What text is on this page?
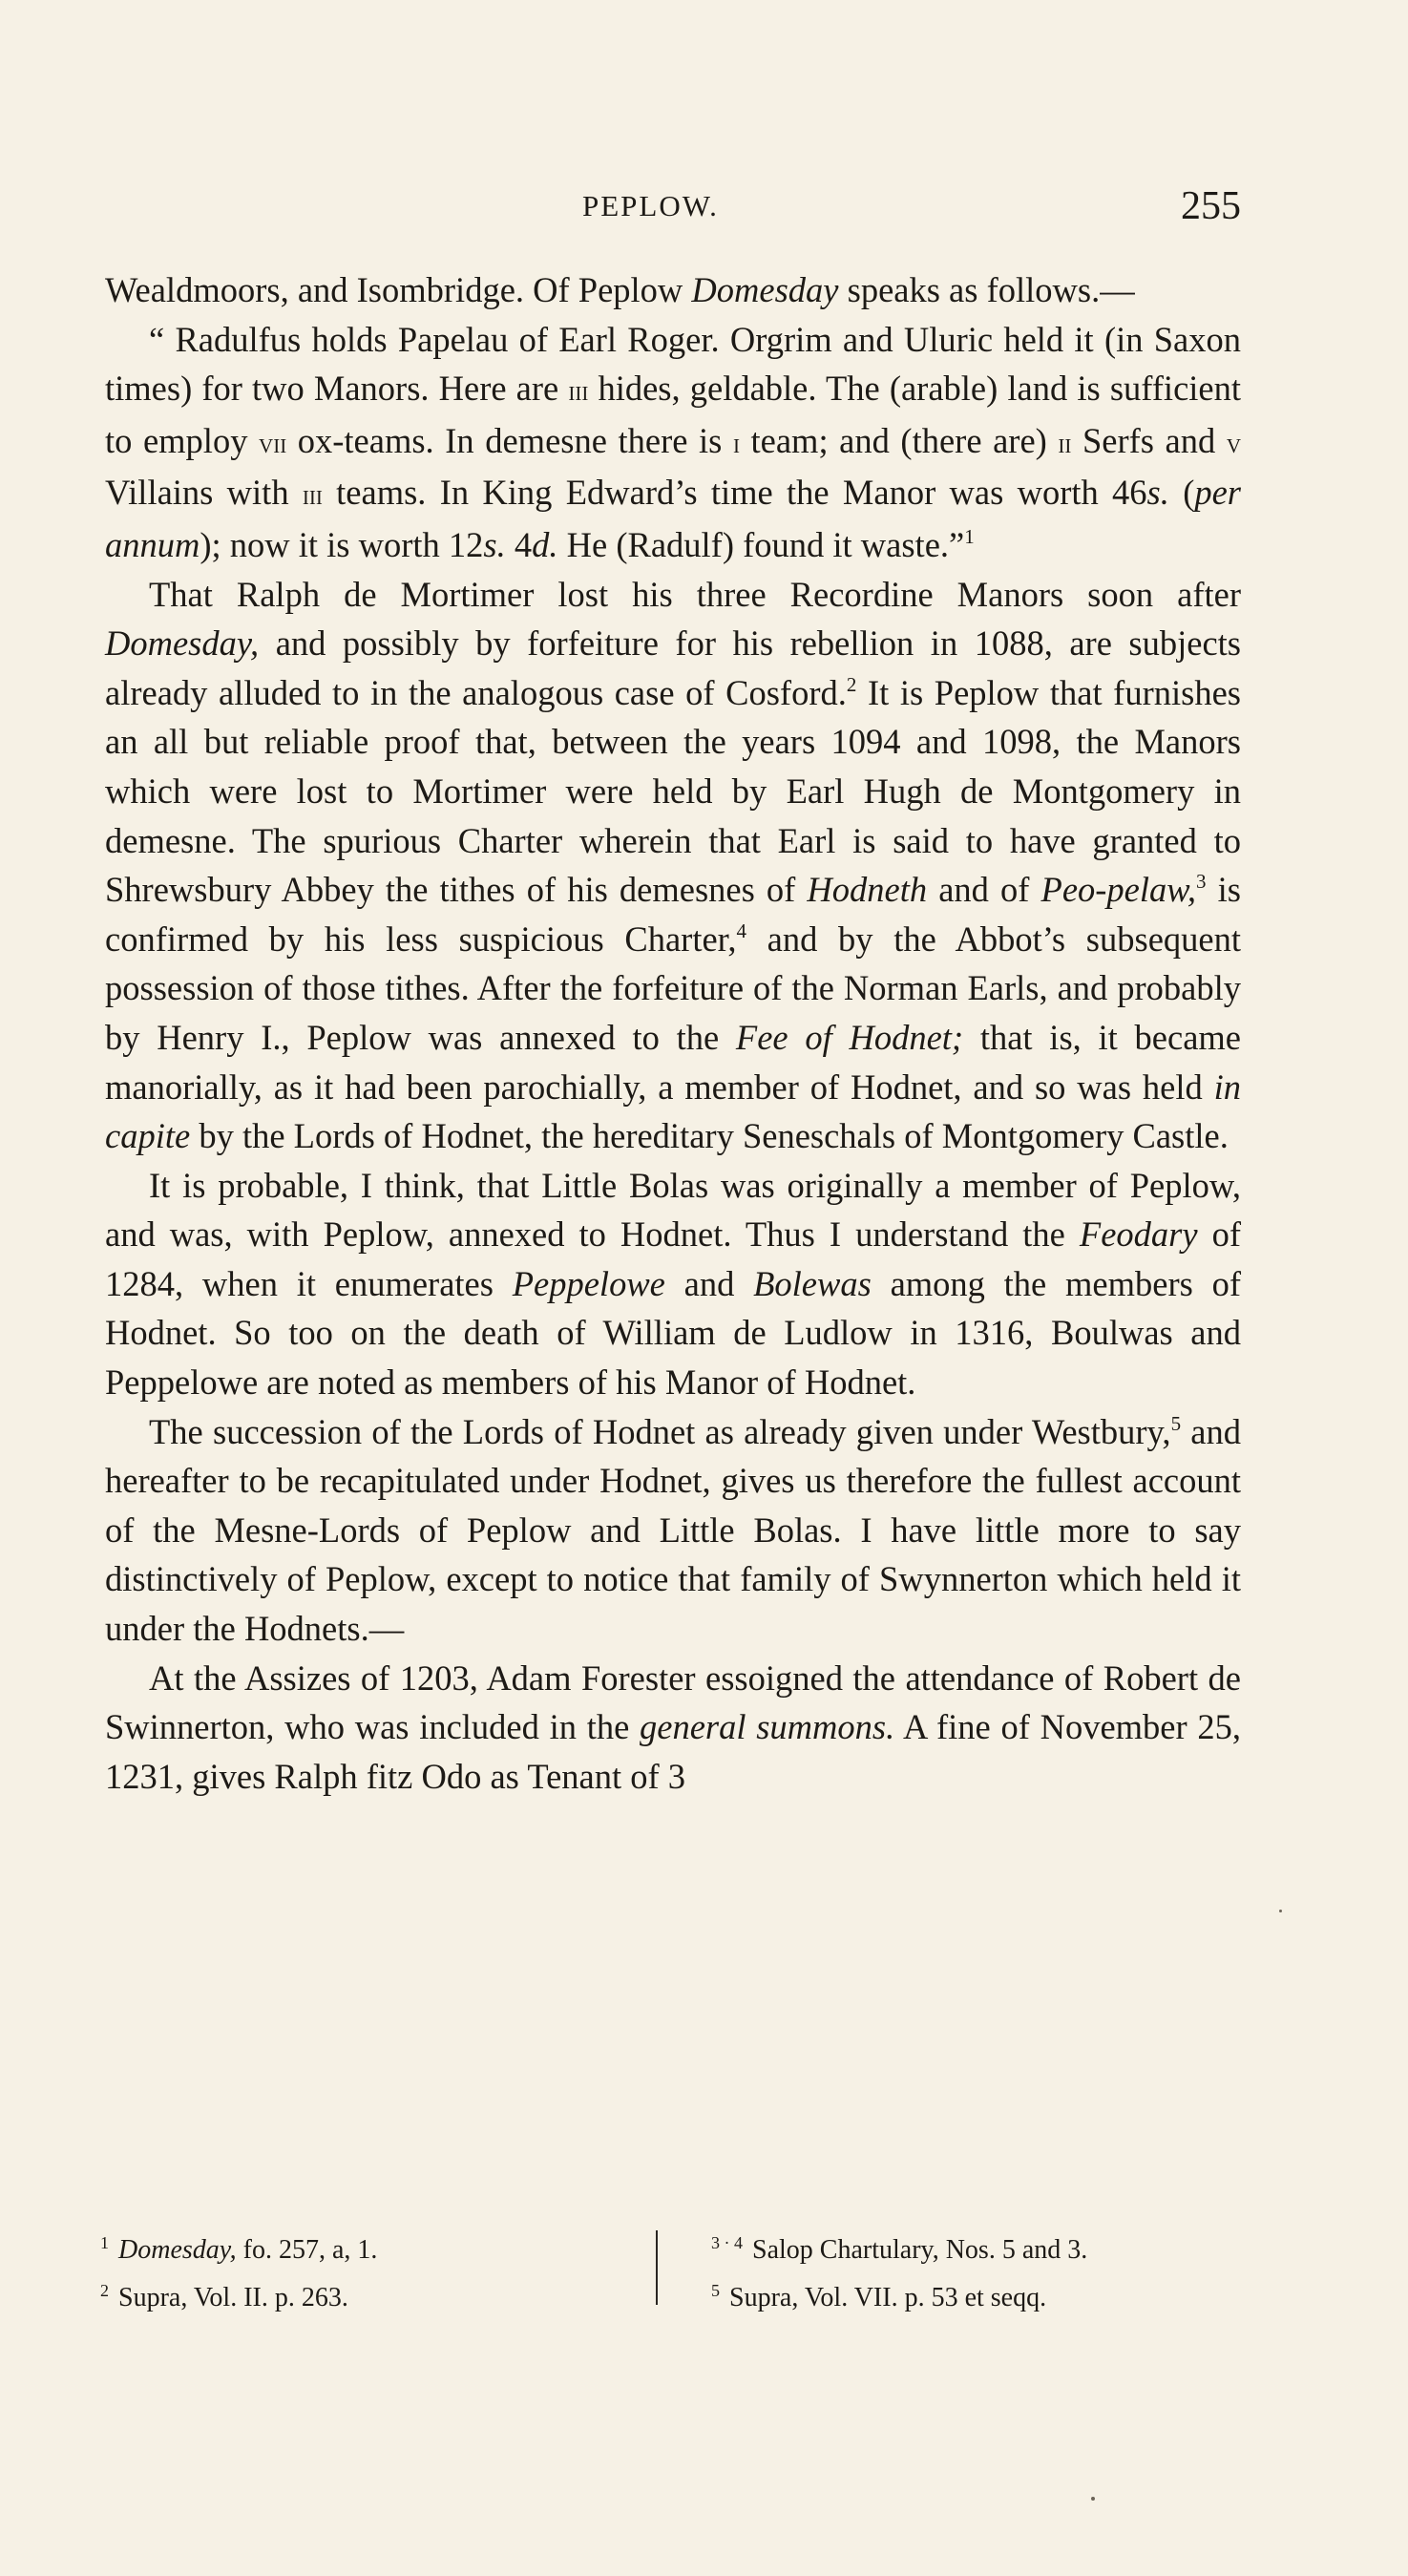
PEPLOW.	255

Wealdmoors, and Isombridge. Of Peplow Domesday speaks as follows.—

“ Radulfus holds Papelau of Earl Roger. Orgrim and Uluric held it (in Saxon times) for two Manors. Here are iii hides, geldable. The (arable) land is sufficient to employ vii ox-teams. In demesne there is i team; and (there are) ii Serfs and v Villains with iii teams. In King Edward’s time the Manor was worth 46s. (per annum); now it is worth 12s. 4d. He (Radulf) found it waste.”$^1$

That Ralph de Mortimer lost his three Recordine Manors soon after Domesday, and possibly by forfeiture for his rebellion in 1088, are subjects already alluded to in the analogous case of Cosford.$^2$ It is Peplow that furnishes an all but reliable proof that, between the years 1094 and 1098, the Manors which were lost to Mortimer were held by Earl Hugh de Montgomery in demesne. The spurious Charter wherein that Earl is said to have granted to Shrewsbury Abbey the tithes of his demesnes of Hodneth and of Peo-pelaw,$^3$ is confirmed by his less suspicious Charter,$^4$ and by the Abbot’s subsequent possession of those tithes. After the forfeiture of the Norman Earls, and probably by Henry I., Peplow was annexed to the Fee of Hodnet; that is, it became manorially, as it had been parochially, a member of Hodnet, and so was held in capite by the Lords of Hodnet, the hereditary Seneschals of Montgomery Castle.

It is probable, I think, that Little Bolas was originally a member of Peplow, and was, with Peplow, annexed to Hodnet. Thus I understand the Feodary of 1284, when it enumerates Peppelowe and Bolewas among the members of Hodnet. So too on the death of William de Ludlow in 1316, Boulwas and Peppelowe are noted as members of his Manor of Hodnet.

The succession of the Lords of Hodnet as already given under Westbury,$^5$ and hereafter to be recapitulated under Hodnet, gives us therefore the fullest account of the Mesne-Lords of Peplow and Little Bolas. I have little more to say distinctively of Peplow, except to notice that family of Swynnerton which held it under the Hodnets.—

At the Assizes of 1203, Adam Forester essoigned the attendance of Robert de Swinnerton, who was included in the general summons. A fine of November 25, 1231, gives Ralph fitz Odo as Tenant of 3

$^1$ Domesday, fo. 257, a, 1.
$^2$ Supra, Vol. II. p. 263.
$^{3 \cdot 4}$ Salop Chartulary, Nos. 5 and 3.
$^5$ Supra, Vol. VII. p. 53 et seqq.
